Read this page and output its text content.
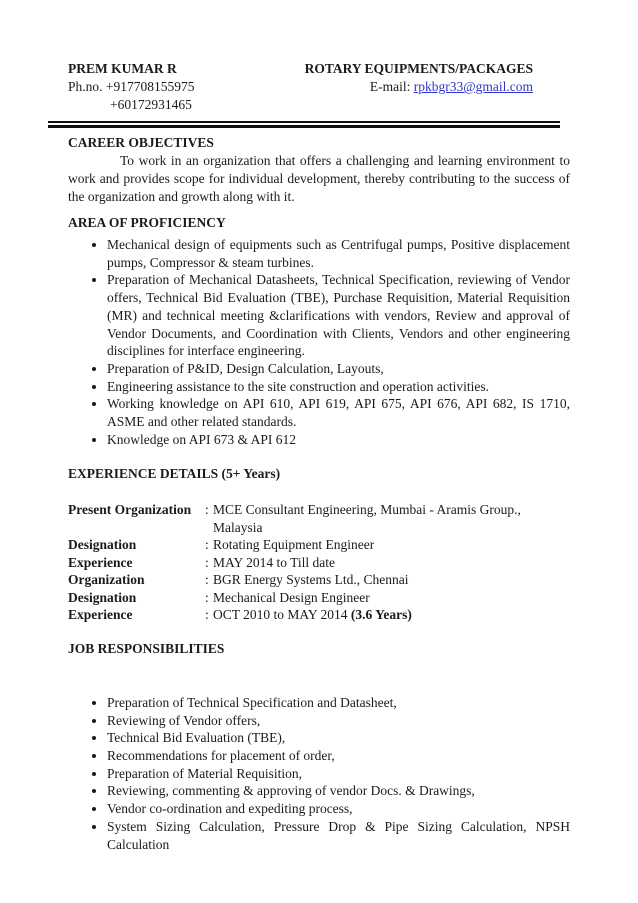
PREM KUMAR R
Ph.no. +917708155975
+60172931465
ROTARY EQUIPMENTS/PACKAGES
E-mail: rpkbgr33@gmail.com
CAREER OBJECTIVES

To work in an organization that offers a challenging and learning environment to work and provides scope for individual development, thereby contributing to the success of the organization and growth along with it.

AREA OF PROFICIENCY
• Mechanical design of equipments such as Centrifugal pumps, Positive displacement pumps, Compressor & steam turbines.
• Preparation of Mechanical Datasheets, Technical Specification, reviewing of Vendor offers, Technical Bid Evaluation (TBE), Purchase Requisition, Material Requisition (MR) and technical meeting &clarifications with vendors, Review and approval of Vendor Documents, and Coordination with Clients, Vendors and other engineering disciplines for interface engineering.
• Preparation of P&ID, Design Calculation, Layouts,
• Engineering assistance to the site construction and operation activities.
• Working knowledge on API 610, API 619, API 675, API 676, API 682, IS 1710, ASME and other related standards.
• Knowledge on API 673 & API 612
EXPERIENCE DETAILS (5+ Years)
Present Organization	: MCE Consultant Engineering, Mumbai - Aramis Group., Malaysia
Designation	: Rotating Equipment Engineer
Experience	: MAY 2014 to Till date
Organization	: BGR Energy Systems Ltd., Chennai
Designation	: Mechanical Design Engineer
Experience	: OCT 2010 to MAY 2014 (3.6 Years)
JOB RESPONSIBILITIES
• Preparation of Technical Specification and Datasheet,
• Reviewing of Vendor offers,
• Technical Bid Evaluation (TBE),
• Recommendations for placement of order,
• Preparation of Material Requisition,
• Reviewing, commenting & approving of vendor Docs. & Drawings,
• Vendor co-ordination and expediting process,
• System Sizing Calculation, Pressure Drop & Pipe Sizing Calculation, NPSH Calculation
